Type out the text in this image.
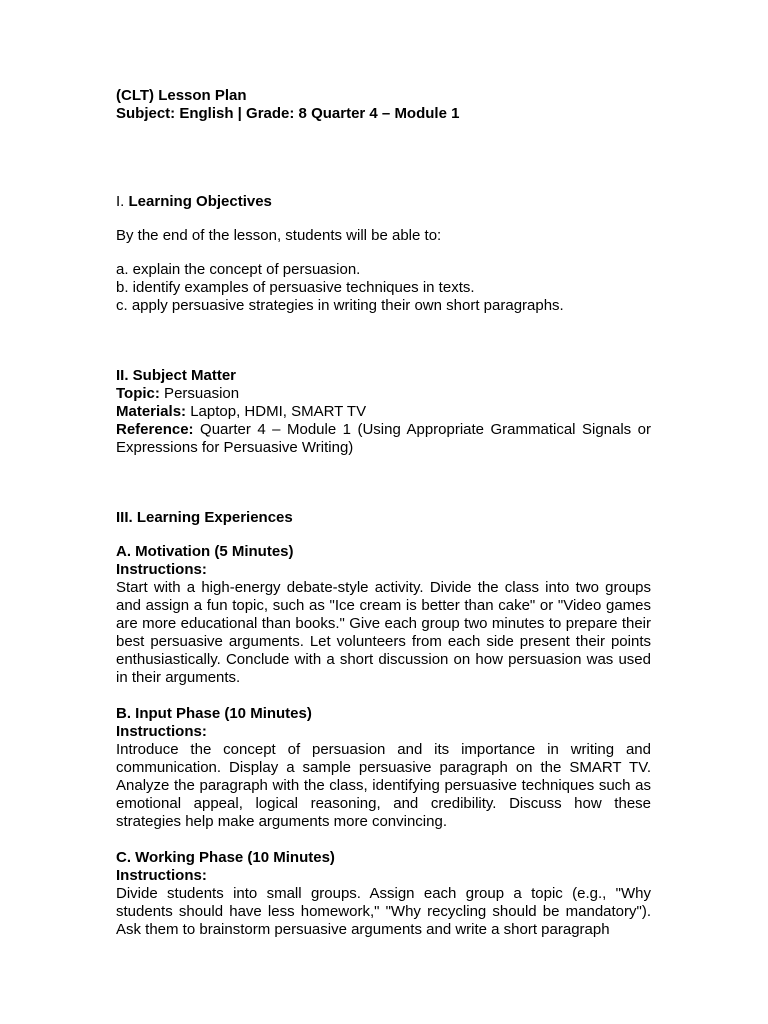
(CLT) Lesson Plan
Subject: English | Grade: 8 Quarter 4 – Module 1

I. Learning Objectives

By the end of the lesson, students will be able to:

a. explain the concept of persuasion.
b. identify examples of persuasive techniques in texts.
c. apply persuasive strategies in writing their own short paragraphs.
II. Subject Matter

Topic: Persuasion

Materials: Laptop, HDMI, SMART TV

Reference: Quarter 4 – Module 1 (Using Appropriate Grammatical Signals or Expressions for Persuasive Writing)

III. Learning Experiences
A. Motivation (5 Minutes)
Instructions:

Start with a high-energy debate-style activity. Divide the class into two groups and assign a fun topic, such as "Ice cream is better than cake" or "Video games are more educational than books." Give each group two minutes to prepare their best persuasive arguments. Let volunteers from each side present their points enthusiastically. Conclude with a short discussion on how persuasion was used in their arguments.

B. Input Phase (10 Minutes)
Instructions:

Introduce the concept of persuasion and its importance in writing and communication. Display a sample persuasive paragraph on the SMART TV. Analyze the paragraph with the class, identifying persuasive techniques such as emotional appeal, logical reasoning, and credibility. Discuss how these strategies help make arguments more convincing.

C. Working Phase (10 Minutes)
Instructions:

Divide students into small groups. Assign each group a topic (e.g., "Why students should have less homework," "Why recycling should be mandatory"). Ask them to brainstorm persuasive arguments and write a short paragraph
